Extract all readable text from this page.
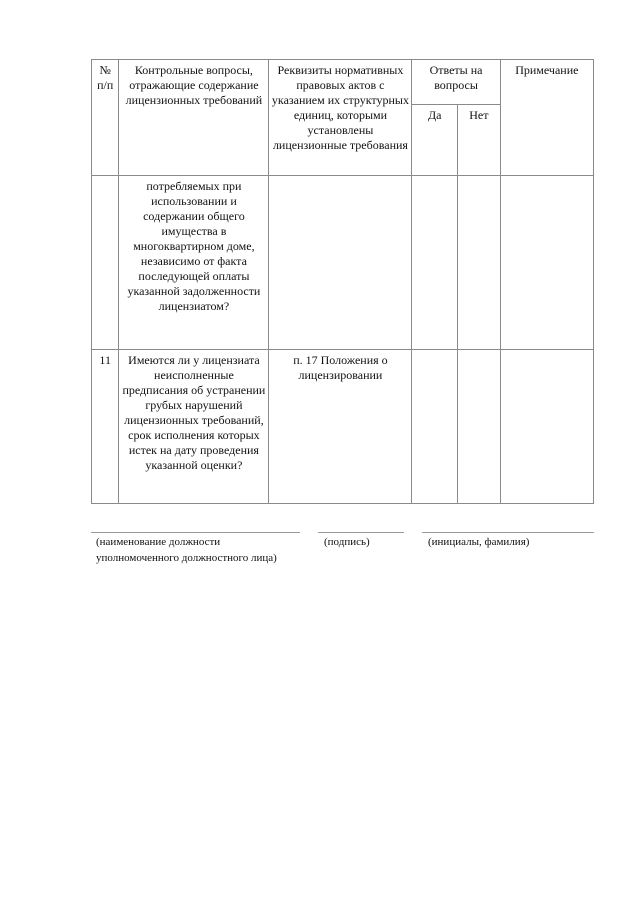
№ п/п	Контрольные вопросы, отражающие содержание лицензионных требований	Реквизиты нормативных правовых актов с указанием их структурных единиц, которыми установлены лицензионные требования	Ответы на вопросы		Примечание
			Да	Нет	
	потребляемых при использовании и содержании общего имущества в многоквартирном доме, независимо от факта последующей оплаты указанной задолженности лицензиатом?				
11	Имеются ли у лицензиата неисполненные предписания об устранении грубых нарушений лицензионных требований, срок исполнения которых истек на дату проведения указанной оценки?	п. 17 Положения о лицензировании			
(наименование должности
уполномоченного должностного лица)
(подпись)	(инициалы, фамилия)
